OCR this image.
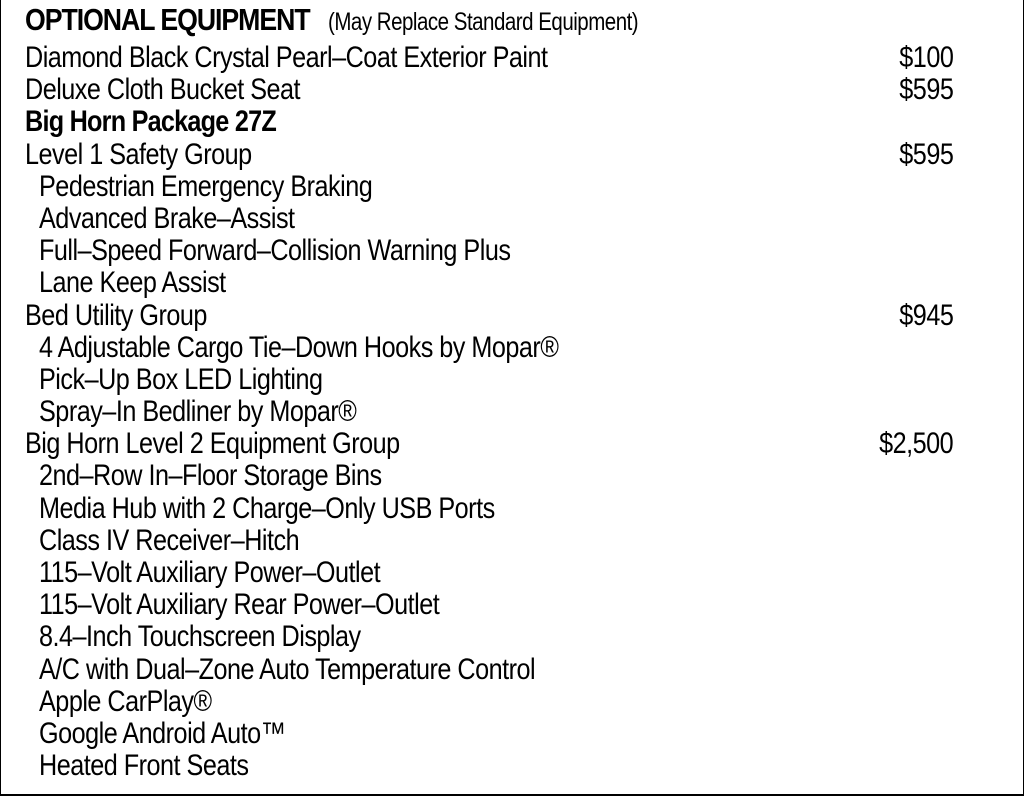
OPTIONAL EQUIPMENT (May Replace Standard Equipment)
Diamond Black Crystal Pearl–Coat Exterior Paint	$100
Deluxe Cloth Bucket Seat	$595
Big Horn Package 27Z
Level 1 Safety Group	$595
Pedestrian Emergency Braking
Advanced Brake–Assist
Full–Speed Forward–Collision Warning Plus
Lane Keep Assist
Bed Utility Group	$945
4 Adjustable Cargo Tie–Down Hooks by Mopar®
Pick–Up Box LED Lighting
Spray–In Bedliner by Mopar®
Big Horn Level 2 Equipment Group	$2,500
2nd–Row In–Floor Storage Bins
Media Hub with 2 Charge–Only USB Ports
Class IV Receiver–Hitch
115–Volt Auxiliary Power–Outlet
115–Volt Auxiliary Rear Power–Outlet
8.4–Inch Touchscreen Display
A/C with Dual–Zone Auto Temperature Control
Apple CarPlay®
Google Android Auto™
Heated Front Seats
